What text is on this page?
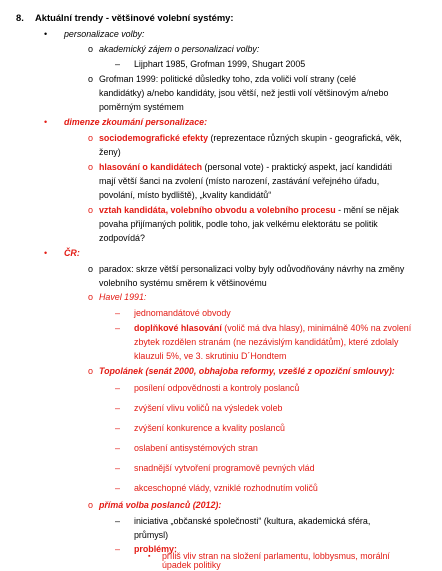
8. Aktuální trendy - většinové volební systémy:
• personalizace volby:
o akademický zájem o personalizaci volby:
– Lijphart 1985, Grofman 1999, Shugart 2005
o Grofman 1999: politické důsledky toho, zda voliči volí strany (celé
kandidátky) a/nebo kandidáty, jsou větší, než jestli volí většinovým a/nebo
poměrným systémem
• dimenze zkoumání personalizace:
o sociodemografické efekty (reprezentace různých skupin - geografická, věk,
ženy)
o hlasování o kandidátech (personal vote) - praktický aspekt, jací kandidáti
mají větší šanci na zvolení (místo narození, zastávání veřejného úřadu,
povolání, místo bydliště), „kvality kandidátů“
o vztah kandidáta, volebního obvodu a volebního procesu - mění se nějak
povaha přijímaných politik, podle toho, jak velkému elektorátu se politik
zodpovídá?
• ČR:
o paradox: skrze větší personalizaci volby byly odůvodňovány návrhy na změny
volebního systému směrem k většinovému
o Havel 1991:
– jednomandátové obvody
– doplňkové hlasování (volič má dva hlasy), minimálně 40% na zvolení
zbytek rozdělen stranám (ne nezávislým kandidátům), které zdolaly
klauzuli 5%, ve 3. skrutiniu D´Hondtem
o Topolánek (senát 2000, obhajoba reformy, vzešlé z opoziční smlouvy):
– posílení odpovědnosti a kontroly poslanců
– zvýšení vlivu voličů na výsledek voleb
– zvýšení konkurence a kvality poslanců
– oslabení antisystémových stran
– snadnější vytvoření programově pevných vlád
– akceschopné vlády, vzniklé rozhodnutím voličů
o přímá volba poslanců (2012):
– iniciativa „občanské společnosti“ (kultura, akademická sféra,
průmysl)
– problémy:
▪ příliš vliv stran na složení parlamentu, lobbysmus, morální
úpadek politiky
